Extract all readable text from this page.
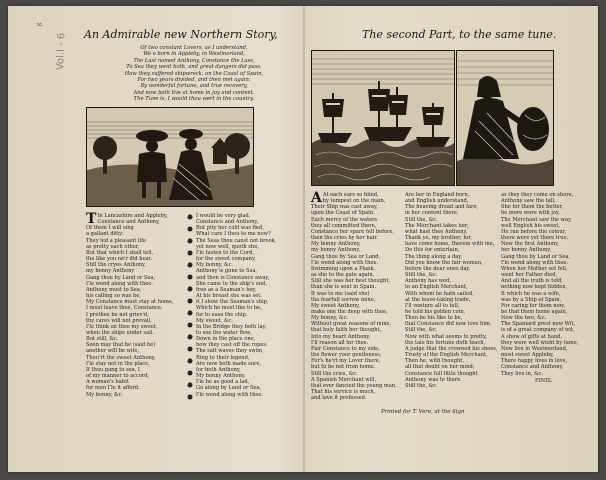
∞
Vol.I - 6 An Admirable new Northern Story,
Of two constant Lovers, as I understand,
We e born in Appleby, in Westmorland,
The Last named Anthony, Constance the Lass,
To Sea they went both, and great dangers did pass.
How they suffered shipwreck, on the Coast of Spain,
For two years divided, and then met again:
By wonderful fortune, and true recovery,
And now both live at home in joy and content.
The Tune is, I would thou wert in the country.
T In Lancashire and Appleby,
Constance and Anthony,
Of them I will sing
a gallant ditty:
They led a pleasant life
as pretty each other,
But that which I shall tell,
the like you ne'r did hear.
Still the cryes Anthony,
my bonny Anthony
Gang thou by Land or Sea,
I'le wend along with thee.
Anthony must to Sea,
his calling so was he,
My Constance must stay at home,
I must leave thee, Constance.
I prethee be not griev'd,
thy cares will not prevail,
I'le think on thee my sweet,
when the ships under sail.
But still, &c.
Soon may that be (said he)
another will be wife,
Thou'rt the sweet Anthony,
I'le stay not in the place,
If thou gang to sea, I
of my manner to accord,
A woman's habit
for men I'le it afford.
My bonny, &c.
I would be very glad,
Constance and Anthony,
But pity her cold was fled,
What care I thou to me now?
The Seas thou canst not brook,
yet now well, quoth she,
I'le fasten to the Cord,
for the sweet company.
My bonny, &c.
Anthony is gone to Sea,
and then is Constance away,
She came to the ship's end,
free as a Seaman's boy,
At his breast she was set,
it I show the Seaman's ship,
Which he most like to be,
for to ease the ship.
My sweet, &c.
In the Bridge they both lay,
to see the water flow,
Down in the place one,
how they cast off the ropes.
The salt waves they swim,
Ring to their legend,
Are now both made sure,
for both Anthony,
My bonny Anthony,
I'le be as good a lad,
Go along by Land or Sea,
I'le wend along with thee.
The second Part, to the same tune.
A At each ears so blind,
by tempest on the main,
Their Ship was cast away,
upon the Coast of Spain.
Each mercy of the waters
they all committed there,
Constance her spare fell before,
then the cries by her hair.
My bonny Anthony,
my bonny Anthony,
Gang thou by Sea or Land,
I'le wend along with thee.
Swimming upon a Plank,
as she to the gate again,
Still she was her best thought,
than she is sent in Spain.
It was to me (said she)
the fearfull sorrow mine,
My sweet Anthony,
make one the deep with thee,
My bonny, &c.
Without great reasons of mine,
that holy faith her thought,
Into my heart Anthony,
I'll reason all for thee.
Fair Constance to my side,
the flower your gentleness,
For's he'rt my Lover there,
but to be not from home.
Still the cries, &c.
A Spanish Merchant will,
that ever fancied the young man,
That his service is much,
and love it professed.
Are her in England born,
and English understand,
The heaving dread and fare,
in her content there,
Still the, &c.
The Merchant takes her,
what hast thee Anthony,
Thank ye, my brother, for,
have come home, therein with me,
Do this for entertain,
The thing along a day,
Did you know the fair woman,
before the dear ones day.
Still the, &c.
Anthony has wed,
to an English Merchant,
With whom he hath sailed,
at the leave-taking trade,
I'll venture all to tell,
he told his golden coin,
Then be his like to be,
that Constance did now love him.
Still the, &c.
Now with what seems to pretty,
the tale his fortune doth teach,
A judge that the crowned his shoes,
Trusty of the English Merchant,
Then he, with thought,
all that doubt on her mind,
Constance full little thought
Anthony was to there.
Still the, &c.
as they they come on shore,
Anthony saw the tall,
She for them the better,
he more wore with joy,
The Merchant saw the way,
well English his sweet,
He ran before the colour,
there were yet there true.
Now the first Anthony,
her bonny Anthony,
Gang thou by Land or Sea,
I'le wend along with thee.
When her Mother set fell,
went her Father died,
And all the truth is told,
nothing now kept hidden,
It which he was a wife,
was by a Ship of Spain,
For caring for them now,
be that them home again,
Now the two, &c.
The Spaniard prest now Wit,
is of a great company of wit,
A show of gifts at hand,
they were well wisht by fame,
Now live in Westmorland,
most sweet Appleby,
There happy lives in love,
Constance and Anthony,
They live in, &c.
FINIS.
Printed for T. Vere, at the Sign
